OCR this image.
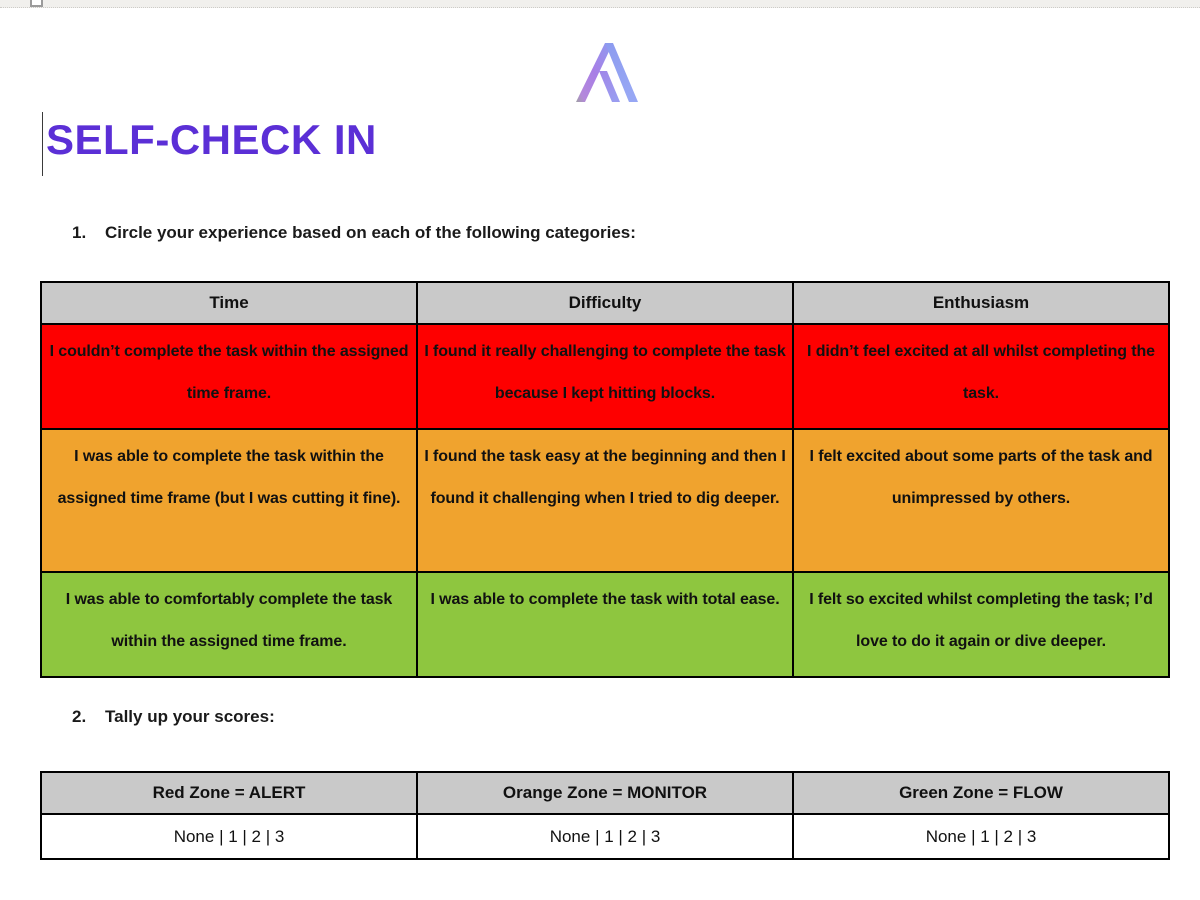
SELF-CHECK IN
1.	Circle your experience based on each of the following categories:
Time	Difficulty	Enthusiasm
I couldn’t complete the task within the assigned time frame.	I found it really challenging to complete the task because I kept hitting blocks.	I didn’t feel excited at all whilst completing the task.
I was able to complete the task within the assigned time frame (but I was cutting it fine).	I found the task easy at the beginning and then I found it challenging when I tried to dig deeper.	I felt excited about some parts of the task and unimpressed by others.
I was able to comfortably complete the task within the assigned time frame.	I was able to complete the task with total ease.	I felt so excited whilst completing the task; I’d love to do it again or dive deeper.
2.	Tally up your scores:
Red Zone = ALERT	Orange Zone = MONITOR	Green Zone = FLOW
None | 1 | 2 | 3	None | 1 | 2 | 3	None | 1 | 2 | 3
